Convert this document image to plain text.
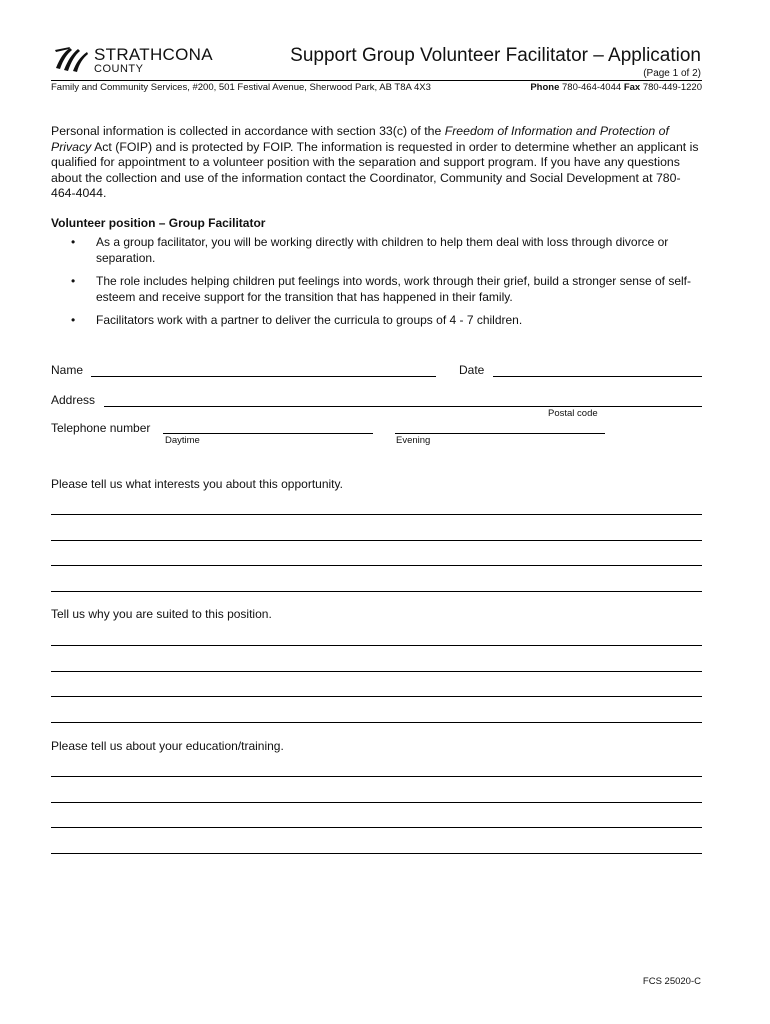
STRATHCONA
COUNTY
Support Group Volunteer Facilitator – Application
(Page 1 of 2)
Family and Community Services, #200, 501 Festival Avenue, Sherwood Park, AB T8A 4X3	Phone 780-464-4044 Fax 780-449-1220
Personal information is collected in accordance with section 33(c) of the Freedom of Information and Protection of Privacy Act (FOIP) and is protected by FOIP. The information is requested in order to determine whether an applicant is qualified for appointment to a volunteer position with the separation and support program. If you have any questions about the collection and use of the information contact the Coordinator, Community and Social Development at 780-464-4044.
Volunteer position – Group Facilitator
• As a group facilitator, you will be working directly with children to help them deal with loss through divorce or separation.
• The role includes helping children put feelings into words, work through their grief, build a stronger sense of self-esteem and receive support for the transition that has happened in their family.
• Facilitators work with a partner to deliver the curricula to groups of 4 - 7 children.
Name	Date
Address
Postal code
Telephone number
Daytime	Evening
Please tell us what interests you about this opportunity.
Tell us why you are suited to this position.
Please tell us about your education/training.
FCS 25020-C
